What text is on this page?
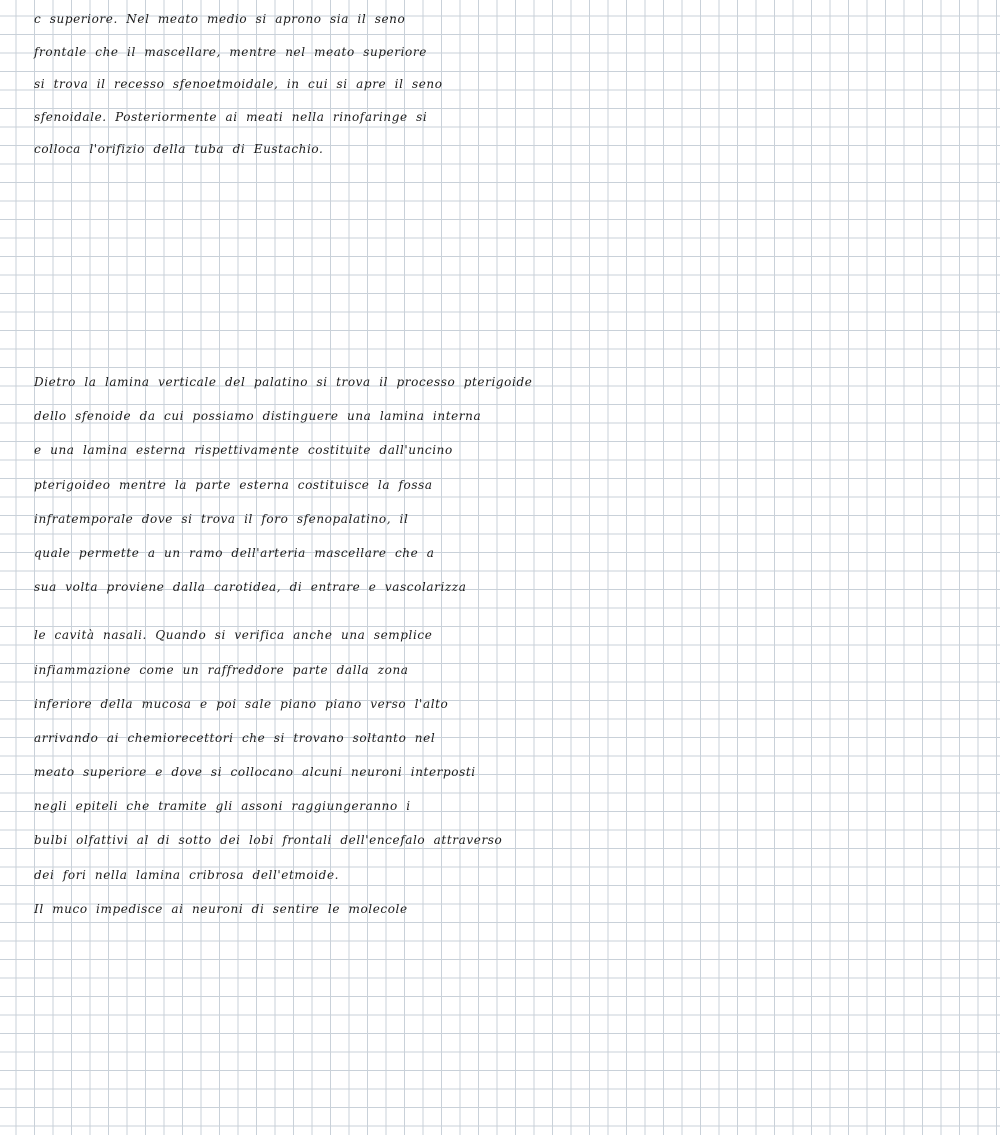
c superiore. Nel meato medio si aprono sia il seno
frontale che il mascellare, mentre nel meato superiore
si trova il recesso sfenoetmoidale, in cui si apre il seno
sfenoidale. Posteriormente ai meati nella rinofaringe si
colloca l'orifizio della tuba di Eustachio.
Dietro la lamina verticale del palatino si trova il processo pterigoide
dello sfenoide da cui possiamo distinguere una lamina interna
e una lamina esterna rispettivamente costituite dall'uncino
pterigoideo mentre la parte esterna costituisce la fossa
infratemporale dove si trova il foro sfenopalatino, il
quale permette a un ramo dell'arteria mascellare che a
sua volta proviene dalla carotidea, di entrare e vascolarizza
le cavità nasali. Quando si verifica anche una semplice
infiammazione come un raffreddore parte dalla zona
inferiore della mucosa e poi sale piano piano verso l'alto
arrivando ai chemiorecettori che si trovano soltanto nel
meato superiore e dove si collocano alcuni neuroni interposti
negli epiteli che tramite gli assoni raggiungeranno i
bulbi olfattivi al di sotto dei lobi frontali dell'encefalo attraverso
dei fori nella lamina cribrosa dell'etmoide.
Il muco impedisce ai neuroni di sentire le molecole
